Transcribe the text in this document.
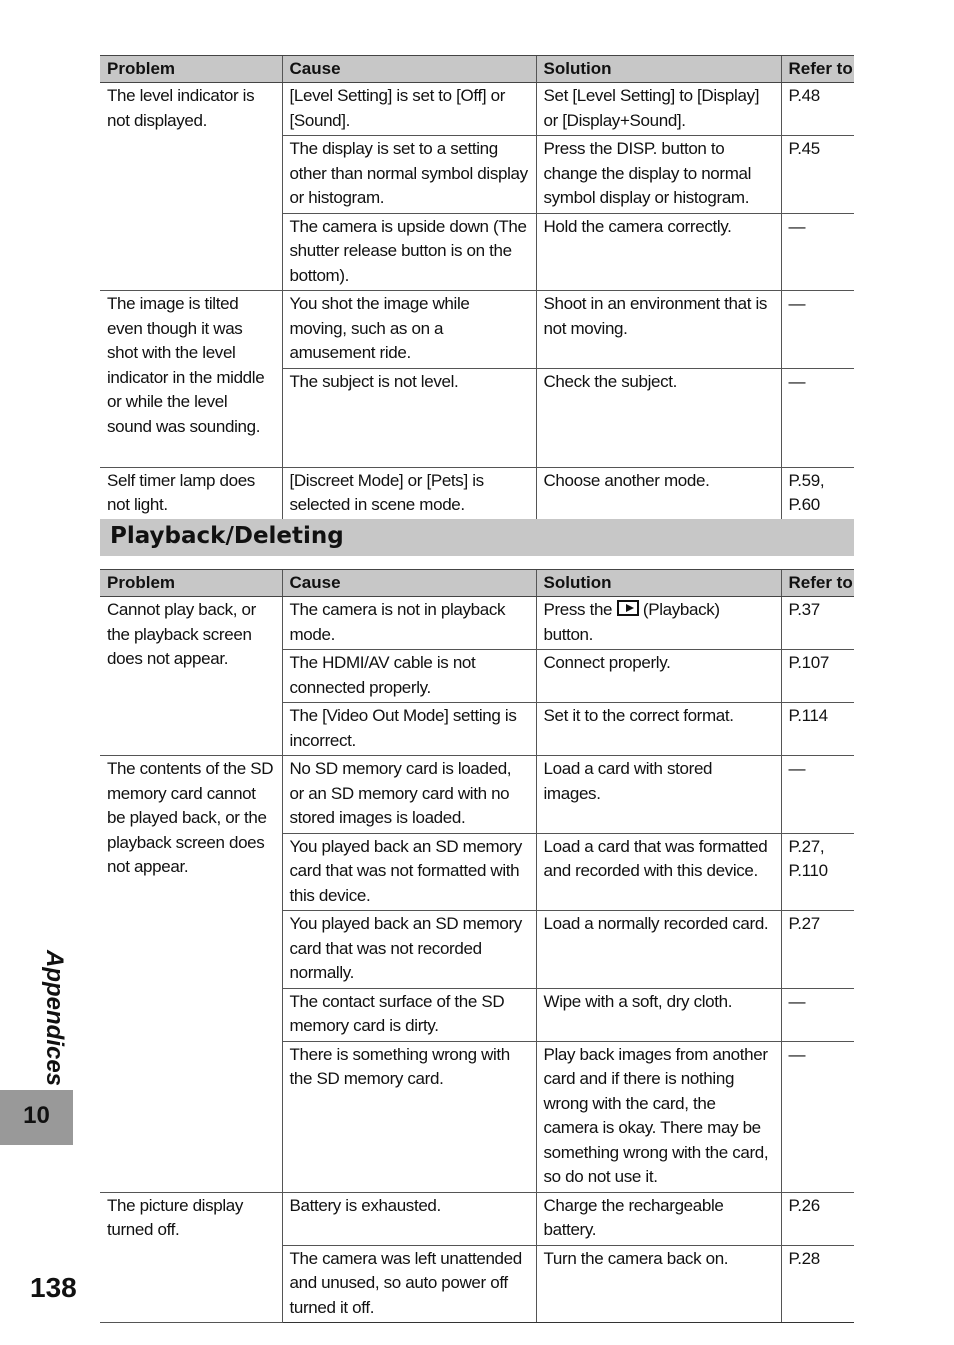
Problem	Cause	Solution	Refer to
The level indicator is not displayed.	[Level Setting] is set to [Off] or [Sound].	Set [Level Setting] to [Display] or [Display+Sound].	P.48
	The display is set to a setting other than normal symbol display or histogram.	Press the DISP. button to change the display to normal symbol display or histogram.	P.45
	The camera is upside down (The shutter release button is on the bottom).	Hold the camera correctly.	—
The image is tilted even though it was shot with the level indicator in the middle or while the level sound was sounding.	You shot the image while moving, such as on a amusement ride.	Shoot in an environment that is not moving.	—
	The subject is not level.	Check the subject.	—
Self timer lamp does not light.	[Discreet Mode] or [Pets] is selected in scene mode.	Choose another mode.	P.59,
P.60
Playback/Deleting
Problem	Cause	Solution	Refer to
Cannot play back, or the playback screen does not appear.	The camera is not in playback mode.	Press the (Playback) button.	P.37
	The HDMI/AV cable is not connected properly.	Connect properly.	P.107
	The [Video Out Mode] setting is incorrect.	Set it to the correct format.	P.114
The contents of the SD memory card cannot be played back, or the playback screen does not appear.	No SD memory card is loaded, or an SD memory card with no stored images is loaded.	Load a card with stored images.	—
	You played back an SD memory card that was not formatted with this device.	Load a card that was formatted and recorded with this device.	P.27,
P.110
	You played back an SD memory card that was not recorded normally.	Load a normally recorded card.	P.27
	The contact surface of the SD memory card is dirty.	Wipe with a soft, dry cloth.	—
	There is something wrong with the SD memory card.	Play back images from another card and if there is nothing wrong with the card, the camera is okay. There may be something wrong with the card, so do not use it.	—
The picture display turned off.	Battery is exhausted.	Charge the rechargeable battery.	P.26
	The camera was left unattended and unused, so auto power off turned it off.	Turn the camera back on.	P.28
Appendices
10
138
